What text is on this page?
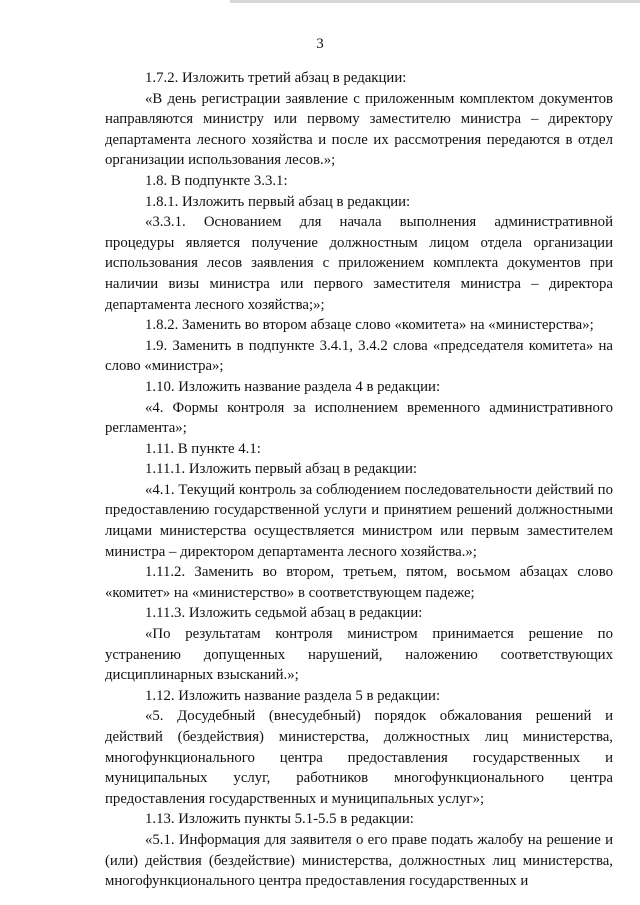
3

1.7.2. Изложить третий абзац в редакции:

«В день регистрации заявление с приложенным комплектом документов направляются министру или первому заместителю министра – директору департамента лесного хозяйства и после их рассмотрения передаются в отдел организации использования лесов.»;

1.8. В подпункте 3.3.1:

1.8.1. Изложить первый абзац в редакции:

«3.3.1. Основанием для начала выполнения административной процедуры является получение должностным лицом отдела организации использования лесов заявления с приложением комплекта документов при наличии визы министра или первого заместителя министра – директора департамента лесного хозяйства;»;

1.8.2. Заменить во втором абзаце слово «комитета» на «министерства»;

1.9. Заменить в подпункте 3.4.1, 3.4.2 слова «председателя комитета» на слово «министра»;

1.10. Изложить название раздела 4 в редакции:

«4. Формы контроля за исполнением временного административного регламента»;

1.11. В пункте 4.1:

1.11.1. Изложить первый абзац в редакции:

«4.1. Текущий контроль за соблюдением последовательности действий по предоставлению государственной услуги и принятием решений должностными лицами министерства осуществляется министром или первым заместителем министра – директором департамента лесного хозяйства.»;

1.11.2. Заменить во втором, третьем, пятом, восьмом абзацах слово «комитет» на «министерство» в соответствующем падеже;

1.11.3. Изложить седьмой абзац в редакции:

«По результатам контроля министром принимается решение по устранению допущенных нарушений, наложению соответствующих дисциплинарных взысканий.»;

1.12. Изложить название раздела 5 в редакции:

«5. Досудебный (внесудебный) порядок обжалования решений и действий (бездействия) министерства, должностных лиц министерства, многофункционального центра предоставления государственных и муниципальных услуг, работников многофункционального центра предоставления государственных и муниципальных услуг»;

1.13. Изложить пункты 5.1-5.5 в редакции:

«5.1. Информация для заявителя о его праве подать жалобу на решение и (или) действия (бездействие) министерства, должностных лиц министерства, многофункционального центра предоставления государственных и
